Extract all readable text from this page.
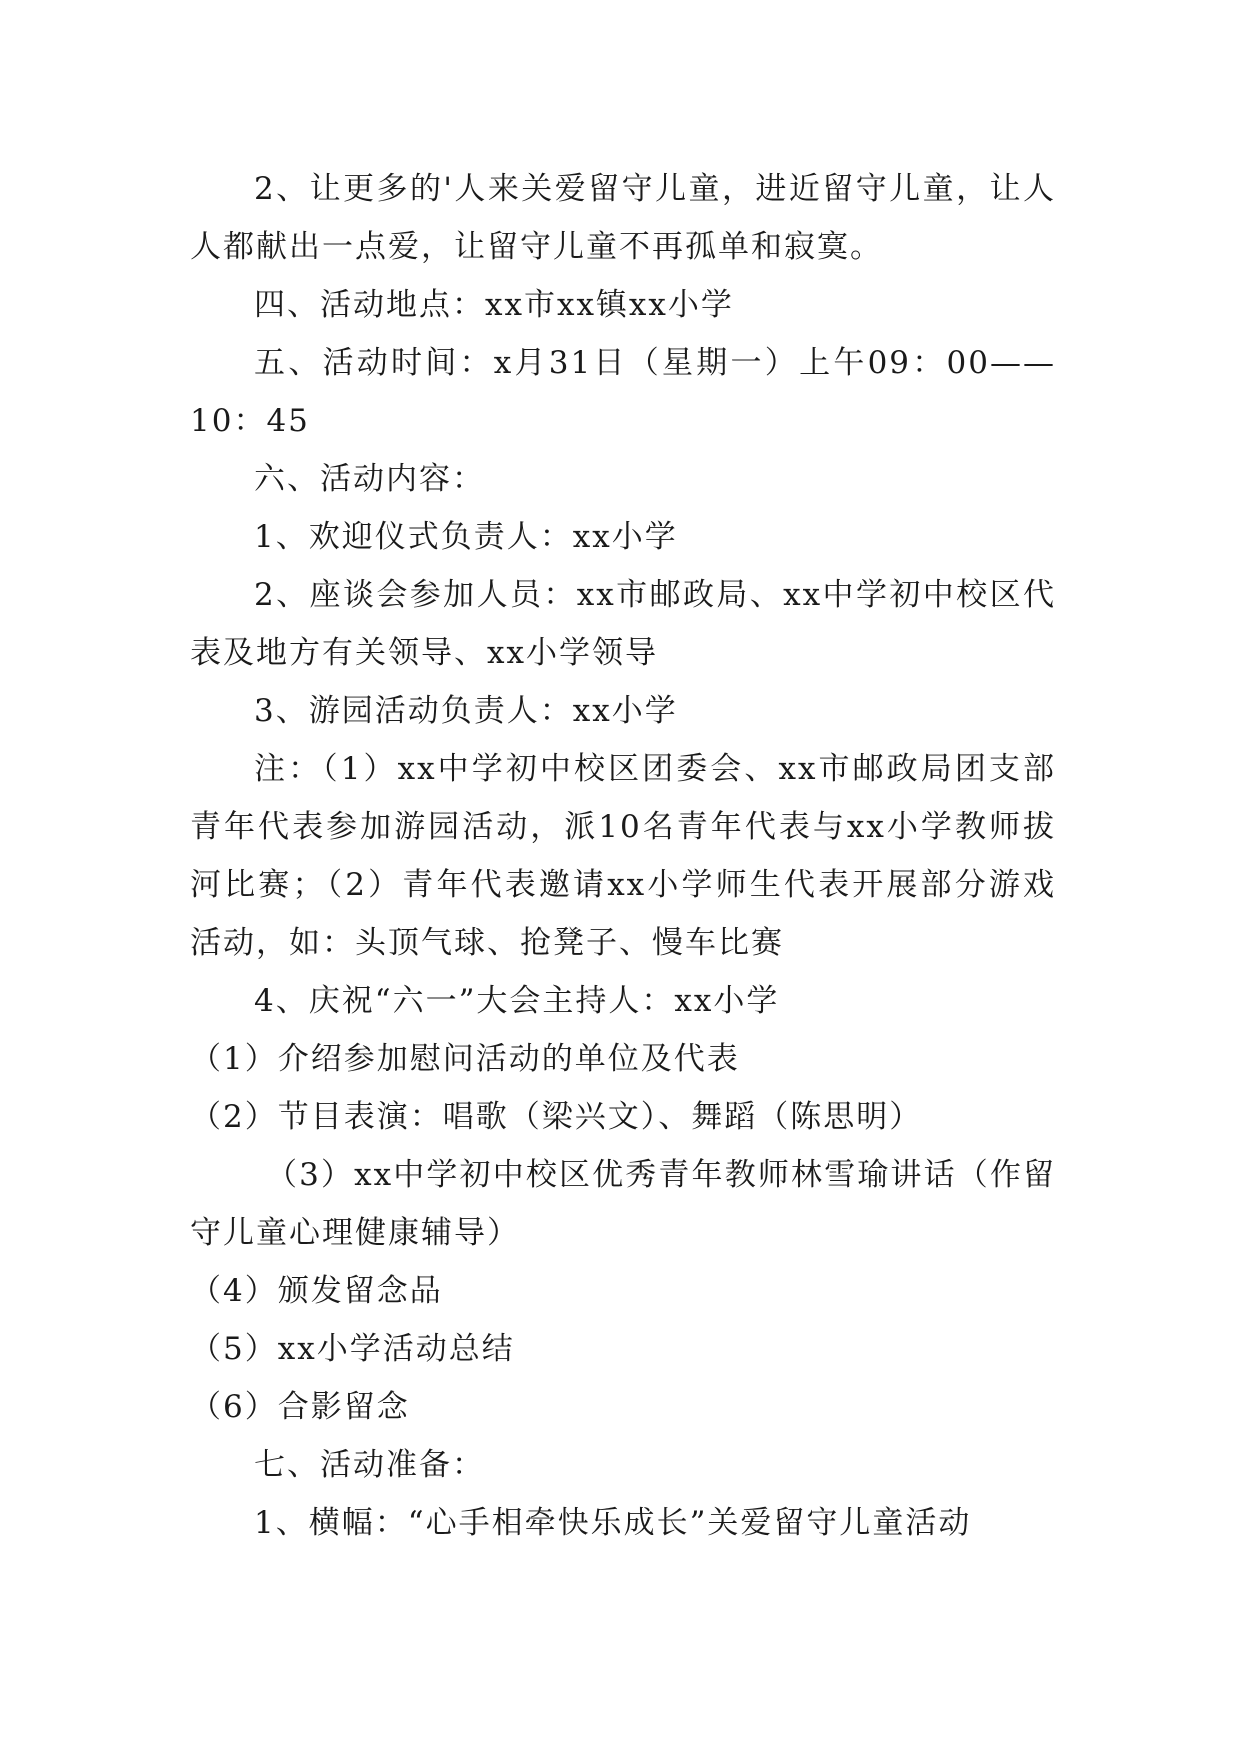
2、让更多的'人来关爱留守儿童，进近留守儿童，让人人都献出一点爱，让留守儿童不再孤单和寂寞。

四、活动地点：xx市xx镇xx小学

五、活动时间：x月31日（星期一）上午09：00——10：45

六、活动内容：

1、欢迎仪式负责人：xx小学

2、座谈会参加人员：xx市邮政局、xx中学初中校区代表及地方有关领导、xx小学领导

3、游园活动负责人：xx小学

注：（1）xx中学初中校区团委会、xx市邮政局团支部青年代表参加游园活动，派10名青年代表与xx小学教师拔河比赛；（2）青年代表邀请xx小学师生代表开展部分游戏活动，如：头顶气球、抢凳子、慢车比赛

4、庆祝“六一”大会主持人：xx小学

（1）介绍参加慰问活动的单位及代表

（2）节目表演：唱歌（梁兴文）、舞蹈（陈思明）

（3）xx中学初中校区优秀青年教师林雪瑜讲话（作留守儿童心理健康辅导）

（4）颁发留念品

（5）xx小学活动总结

（6）合影留念

七、活动准备：

1、横幅：“心手相牵快乐成长”关爱留守儿童活动
